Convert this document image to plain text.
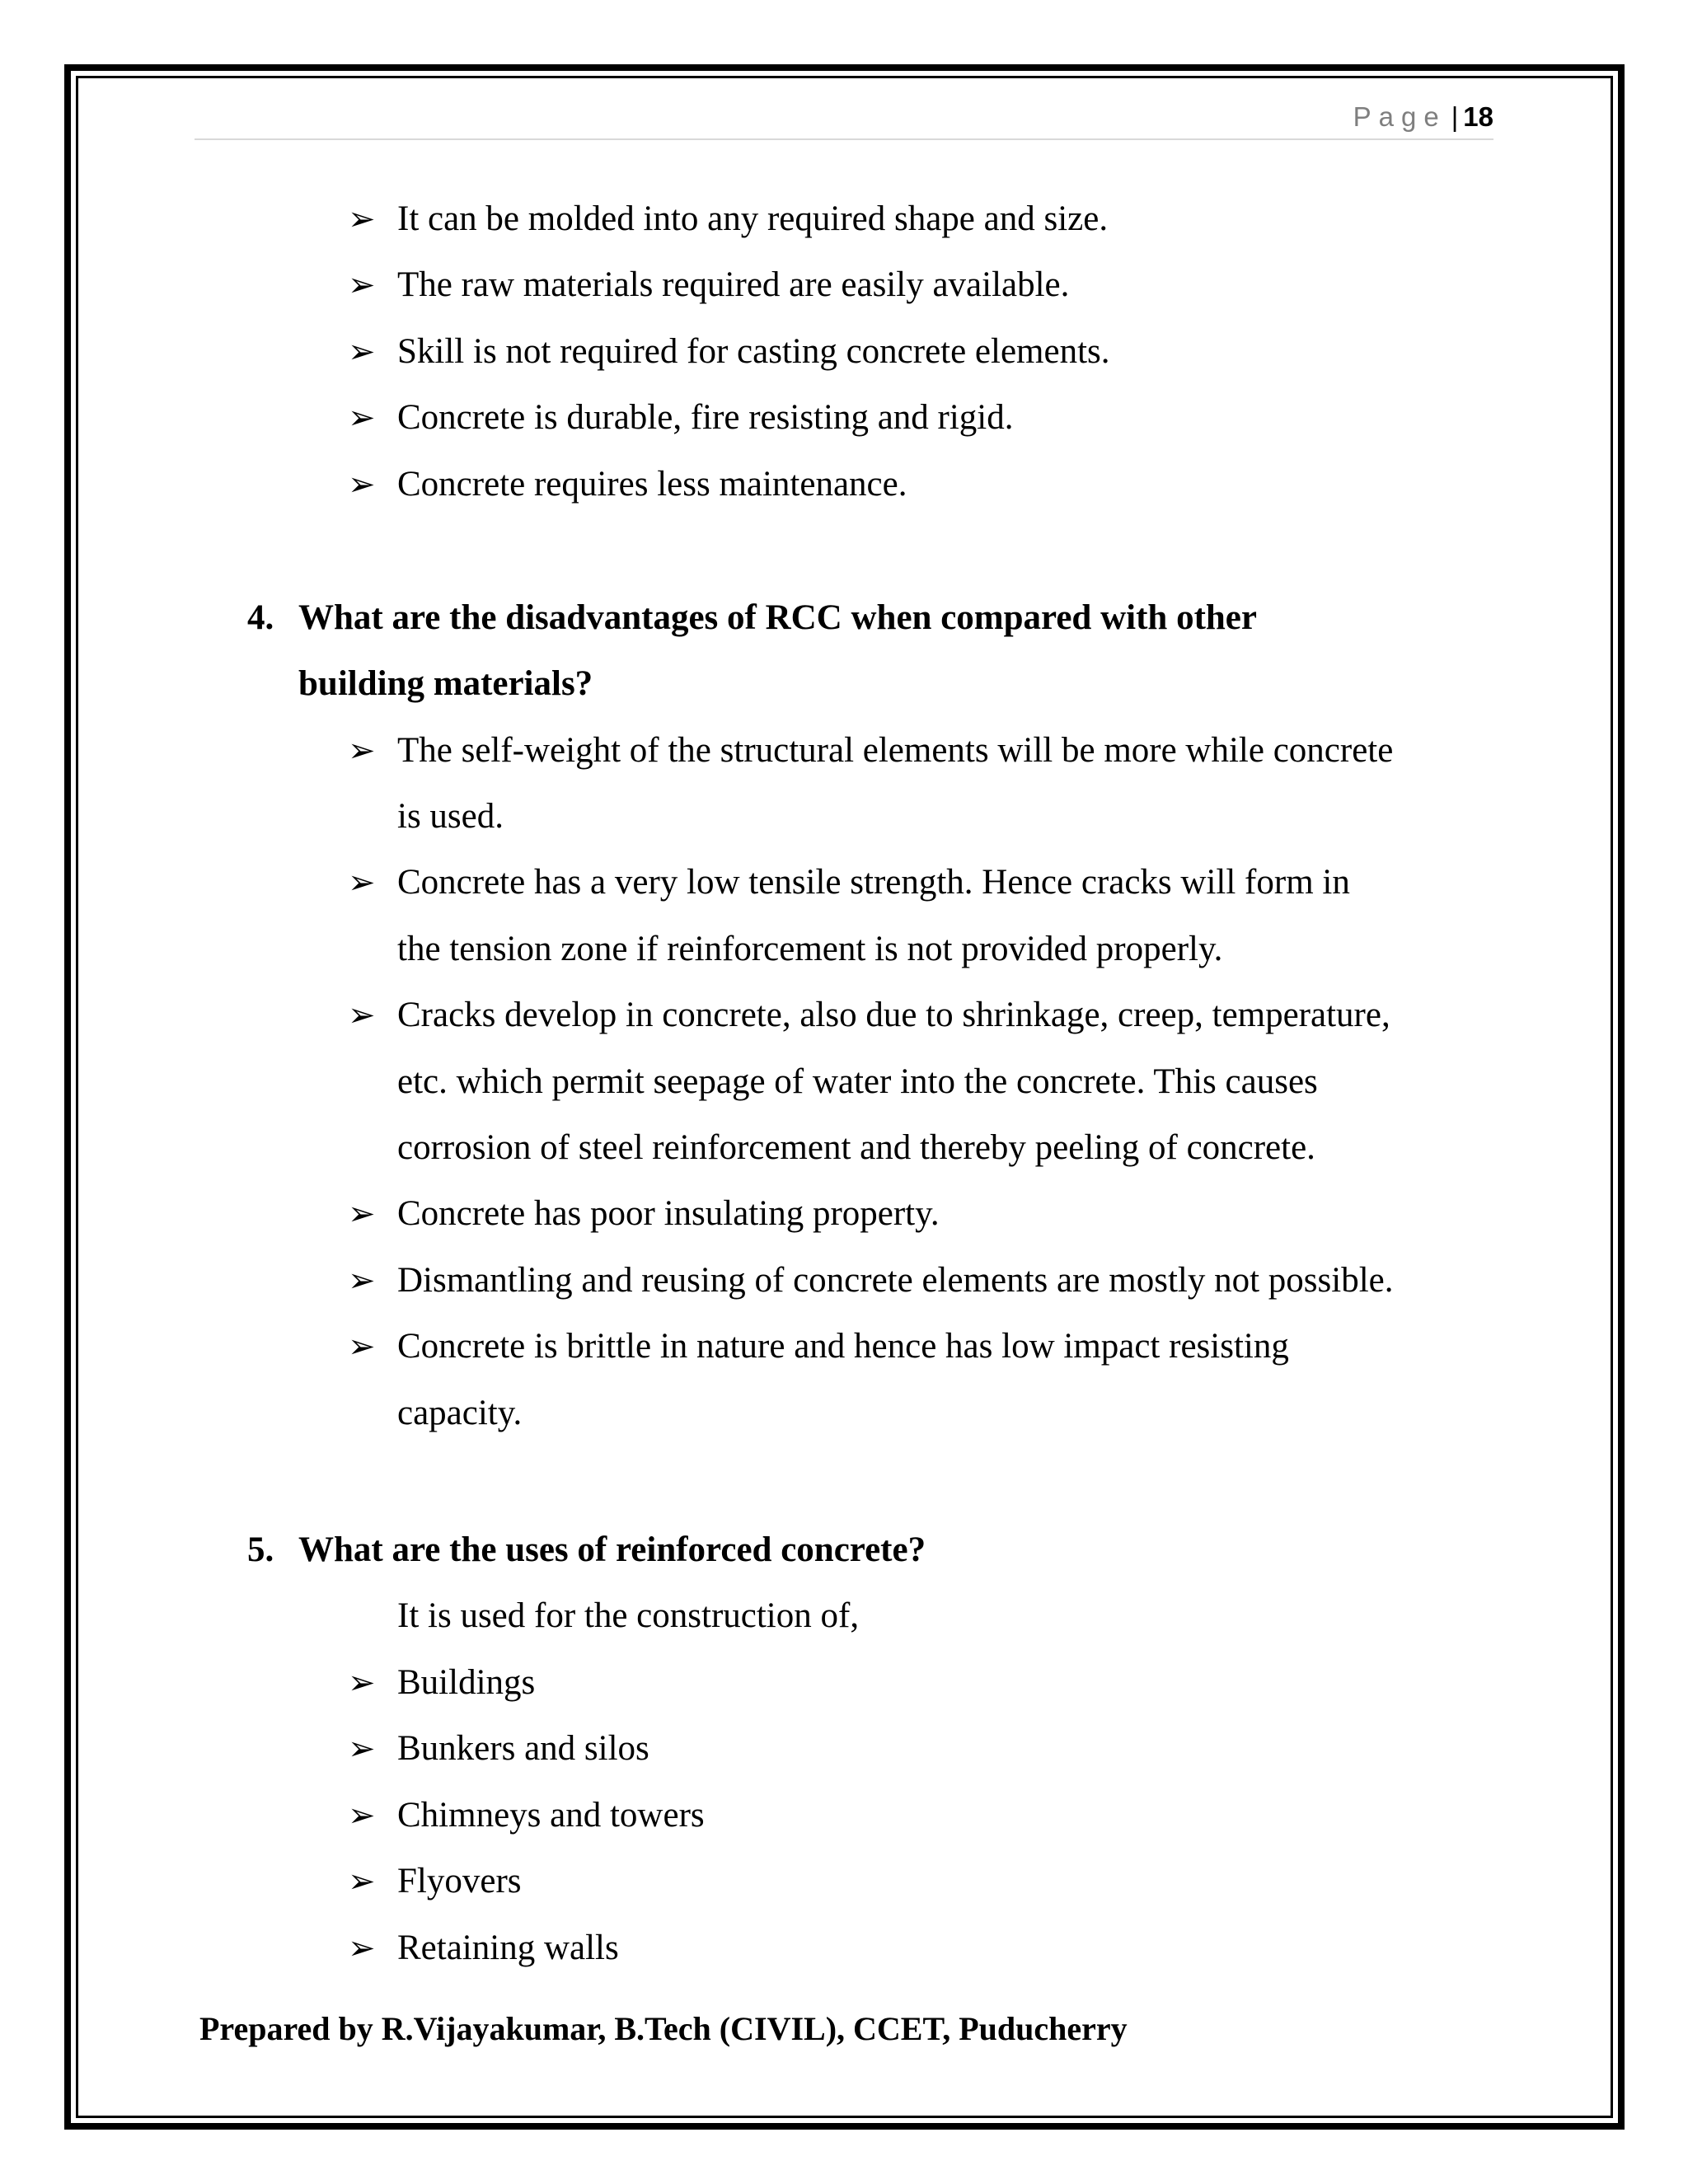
Page | 18
➢ It can be molded into any required shape and size.
➢ The raw materials required are easily available.
➢ Skill is not required for casting concrete elements.
➢ Concrete is durable, fire resisting and rigid.
➢ Concrete requires less maintenance.
4. What are the disadvantages of RCC when compared with other
building materials?
➢ The self-weight of the structural elements will be more while concrete
is used.
➢ Concrete has a very low tensile strength. Hence cracks will form in
the tension zone if reinforcement is not provided properly.
➢ Cracks develop in concrete, also due to shrinkage, creep, temperature,
etc. which permit seepage of water into the concrete. This causes
corrosion of steel reinforcement and thereby peeling of concrete.
➢ Concrete has poor insulating property.
➢ Dismantling and reusing of concrete elements are mostly not possible.
➢ Concrete is brittle in nature and hence has low impact resisting
capacity.
5. What are the uses of reinforced concrete?
It is used for the construction of,
➢ Buildings
➢ Bunkers and silos
➢ Chimneys and towers
➢ Flyovers
➢ Retaining walls
Prepared by R.Vijayakumar, B.Tech (CIVIL), CCET, Puducherry
